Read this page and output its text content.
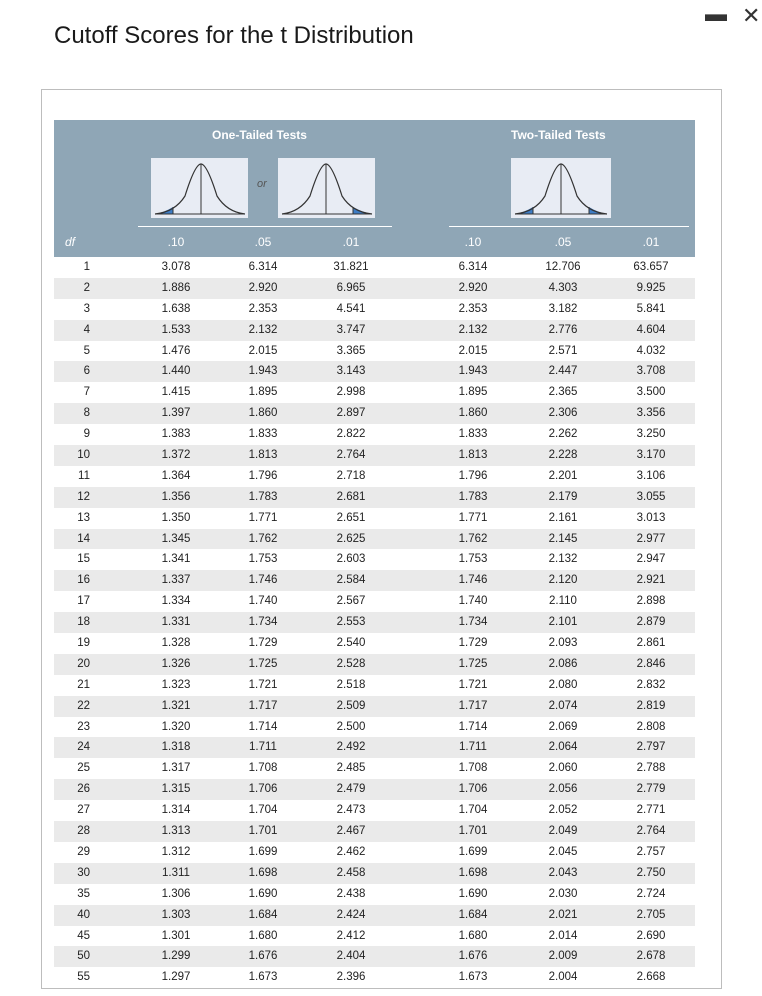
Cutoff Scores for the t Distribution
▬ ✕
One-Tailed Tests	Two-Tailed Tests
or
df	.10	.05	.01	.10	.05	.01
1	3.078	6.314	31.821	6.314	12.706	63.657
2	1.886	2.920	6.965	2.920	4.303	9.925
3	1.638	2.353	4.541	2.353	3.182	5.841
4	1.533	2.132	3.747	2.132	2.776	4.604
5	1.476	2.015	3.365	2.015	2.571	4.032
6	1.440	1.943	3.143	1.943	2.447	3.708
7	1.415	1.895	2.998	1.895	2.365	3.500
8	1.397	1.860	2.897	1.860	2.306	3.356
9	1.383	1.833	2.822	1.833	2.262	3.250
10	1.372	1.813	2.764	1.813	2.228	3.170
11	1.364	1.796	2.718	1.796	2.201	3.106
12	1.356	1.783	2.681	1.783	2.179	3.055
13	1.350	1.771	2.651	1.771	2.161	3.013
14	1.345	1.762	2.625	1.762	2.145	2.977
15	1.341	1.753	2.603	1.753	2.132	2.947
16	1.337	1.746	2.584	1.746	2.120	2.921
17	1.334	1.740	2.567	1.740	2.110	2.898
18	1.331	1.734	2.553	1.734	2.101	2.879
19	1.328	1.729	2.540	1.729	2.093	2.861
20	1.326	1.725	2.528	1.725	2.086	2.846
21	1.323	1.721	2.518	1.721	2.080	2.832
22	1.321	1.717	2.509	1.717	2.074	2.819
23	1.320	1.714	2.500	1.714	2.069	2.808
24	1.318	1.711	2.492	1.711	2.064	2.797
25	1.317	1.708	2.485	1.708	2.060	2.788
26	1.315	1.706	2.479	1.706	2.056	2.779
27	1.314	1.704	2.473	1.704	2.052	2.771
28	1.313	1.701	2.467	1.701	2.049	2.764
29	1.312	1.699	2.462	1.699	2.045	2.757
30	1.311	1.698	2.458	1.698	2.043	2.750
35	1.306	1.690	2.438	1.690	2.030	2.724
40	1.303	1.684	2.424	1.684	2.021	2.705
45	1.301	1.680	2.412	1.680	2.014	2.690
50	1.299	1.676	2.404	1.676	2.009	2.678
55	1.297	1.673	2.396	1.673	2.004	2.668
